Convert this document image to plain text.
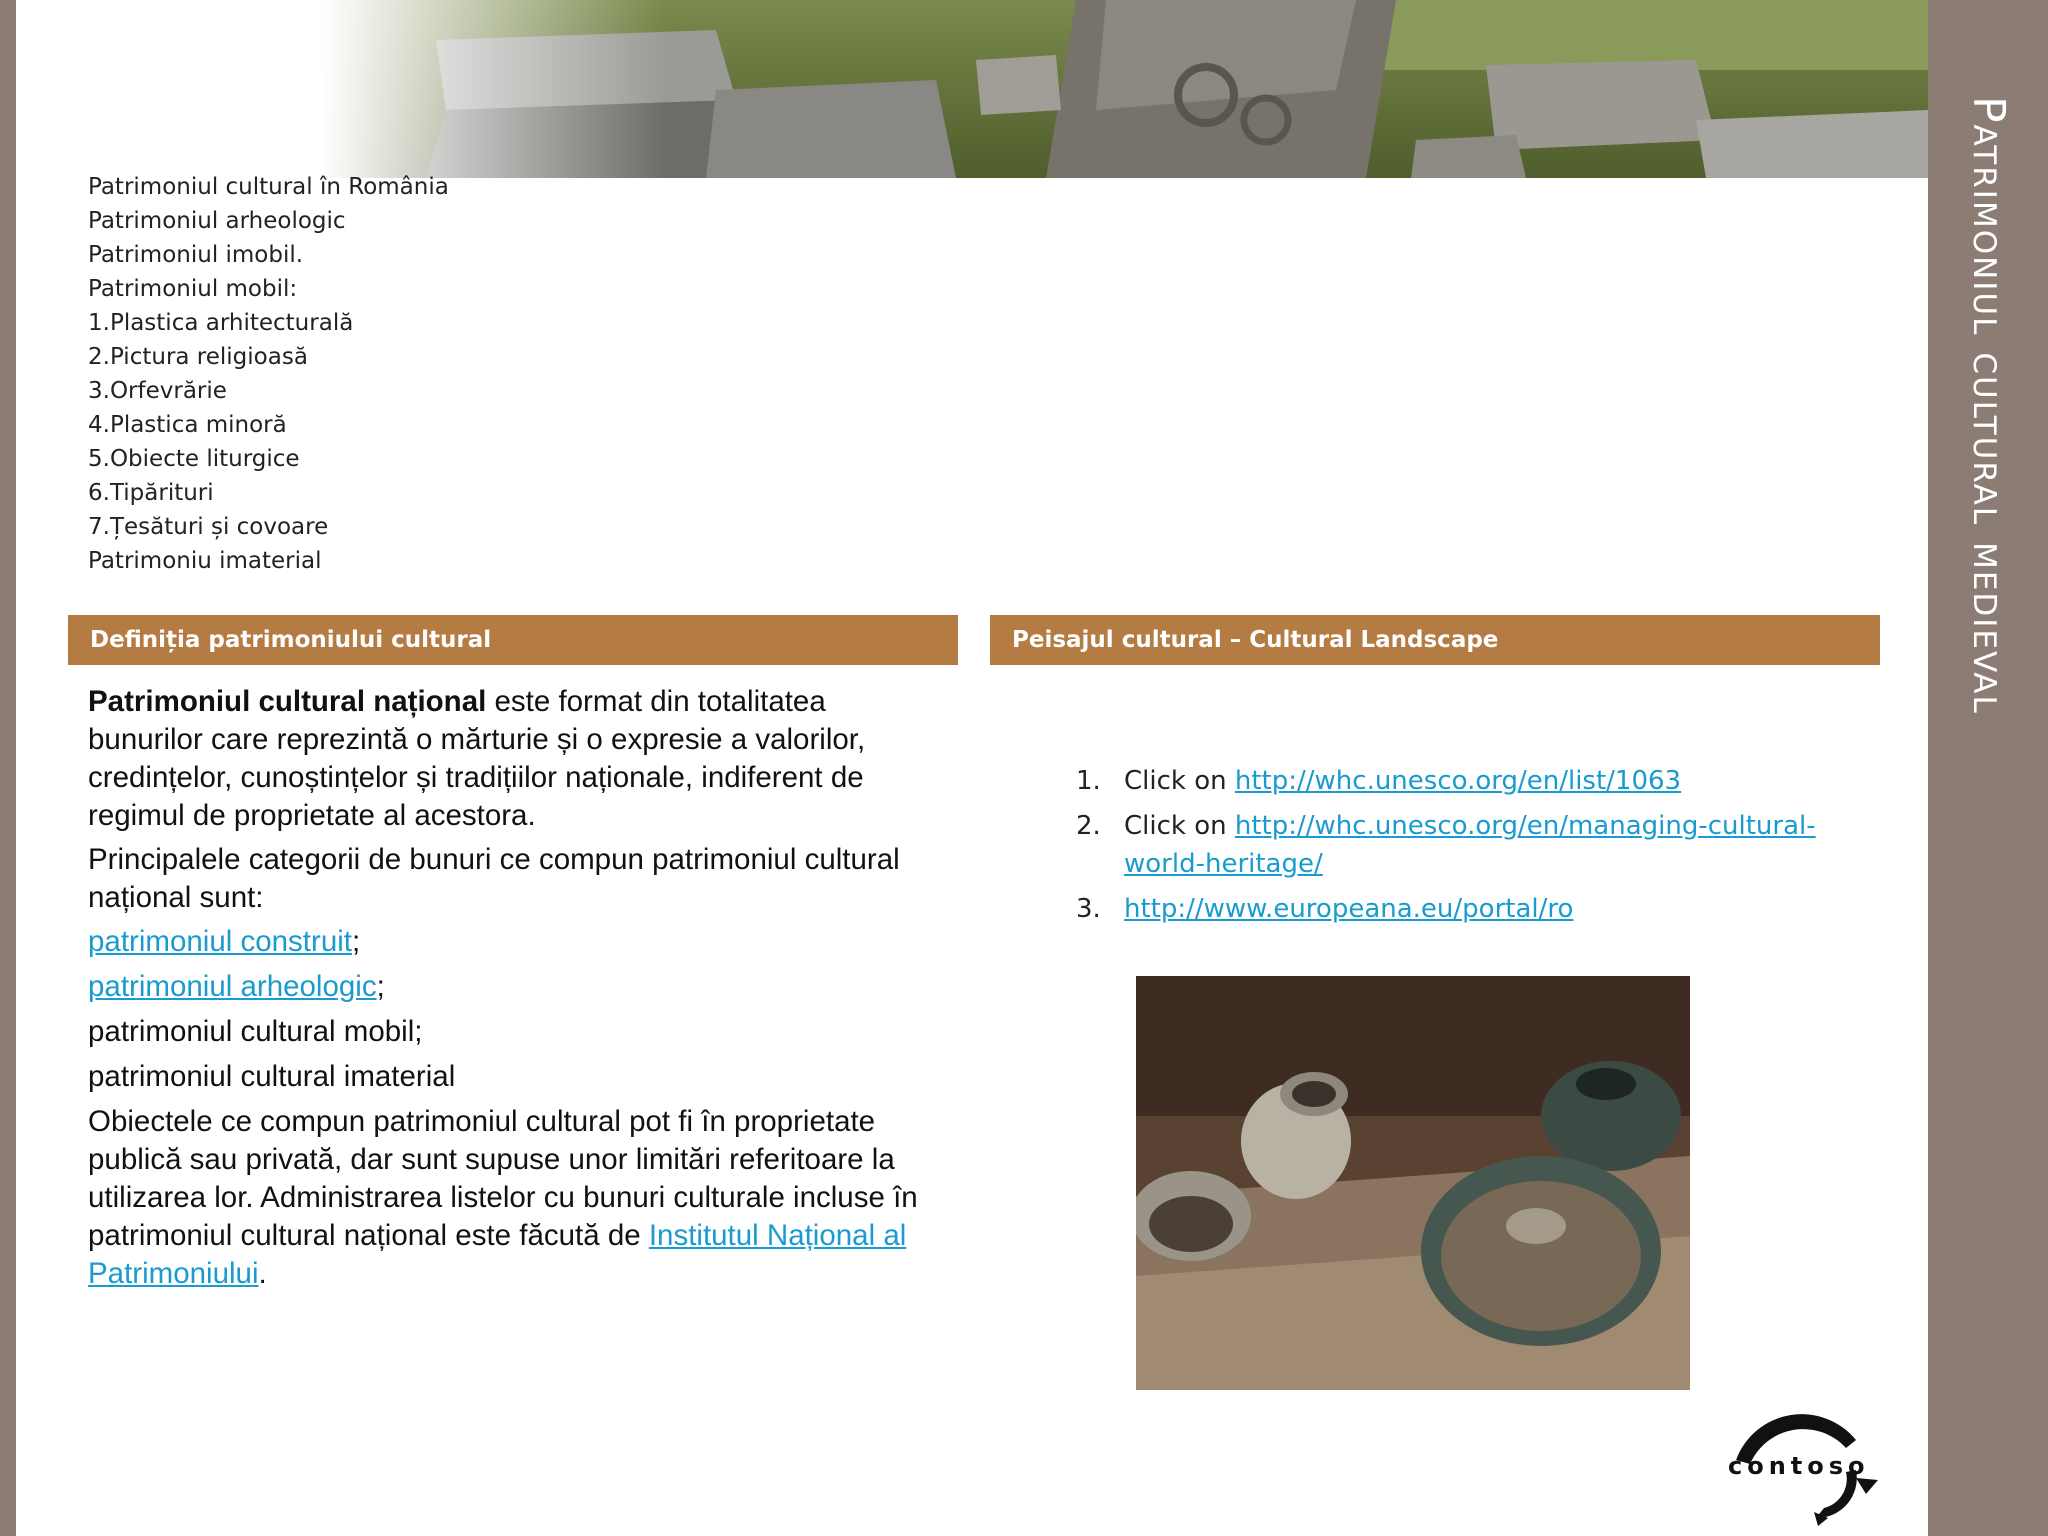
Patrimoniul cultural în România
Patrimoniul arheologic
Patrimoniul imobil.
Patrimoniul mobil:
1.Plastica arhitecturală
2.Pictura religioasă
3.Orfevrărie
4.Plastica minoră
5.Obiecte liturgice
6.Tipărituri
7.Țesături și covoare
Patrimoniu imaterial
Definiția patrimoniului cultural	Peisajul cultural – Cultural Landscape

Patrimoniul cultural național este format din totalitatea bunurilor care reprezintă o mărturie și o expresie a valorilor, credințelor, cunoștințelor și tradițiilor naționale, indiferent de regimul de proprietate al acestora.

Principalele categorii de bunuri ce compun patrimoniul cultural național sunt:

patrimoniul construit;
patrimoniul arheologic;
patrimoniul cultural mobil;
patrimoniul cultural imaterial

Obiectele ce compun patrimoniul cultural pot fi în proprietate publică sau privată, dar sunt supuse unor limitări referitoare la utilizarea lor. Administrarea listelor cu bunuri culturale incluse în patrimoniul cultural național este făcută de Institutul Național al Patrimoniului.

1. Click on http://whc.unesco.org/en/list/1063
2. Click on http://whc.unesco.org/en/managing-cultural-world-heritage/
3. http://www.europeana.eu/portal/ro
contoso
Patrimoniul cultural medieval
